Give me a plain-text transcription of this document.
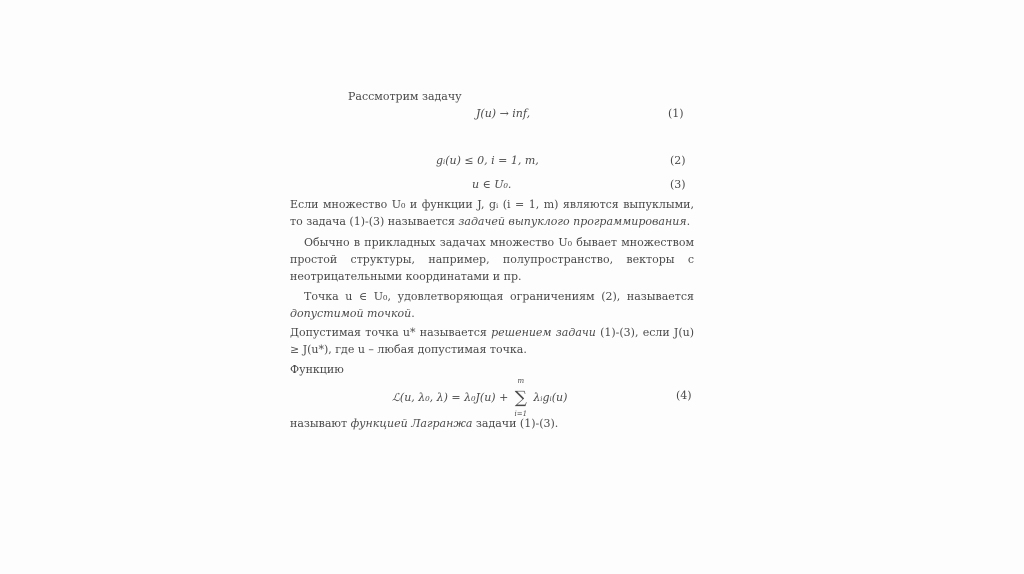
Рассмотрим задачу
J(u) → inf,	(1)
gᵢ(u) ≤ 0, i = 1, m,	(2)
u ∈ U₀.	(3)
Если множество U₀ и функции J, gᵢ (i = 1, m) являются выпуклыми, то задача (1)-(3) называется задачей выпуклого программирования.
Обычно в прикладных задачах множество U₀ бывает множеством простой структуры, например, полупространство, векторы с неотрицательными координатами и пр.
Точка u ∈ U₀, удовлетворяющая ограничениям (2), называется допустимой точкой.
Допустимая точка u* называется решением задачи (1)-(3), если J(u) ≥ J(u*), где u – любая допустимая точка.
Функцию
ℒ(u, λ₀, λ) = λ₀J(u) +
m
∑
i=1
λᵢgᵢ(u)	(4)
называют функцией Лагранжа задачи (1)-(3).
